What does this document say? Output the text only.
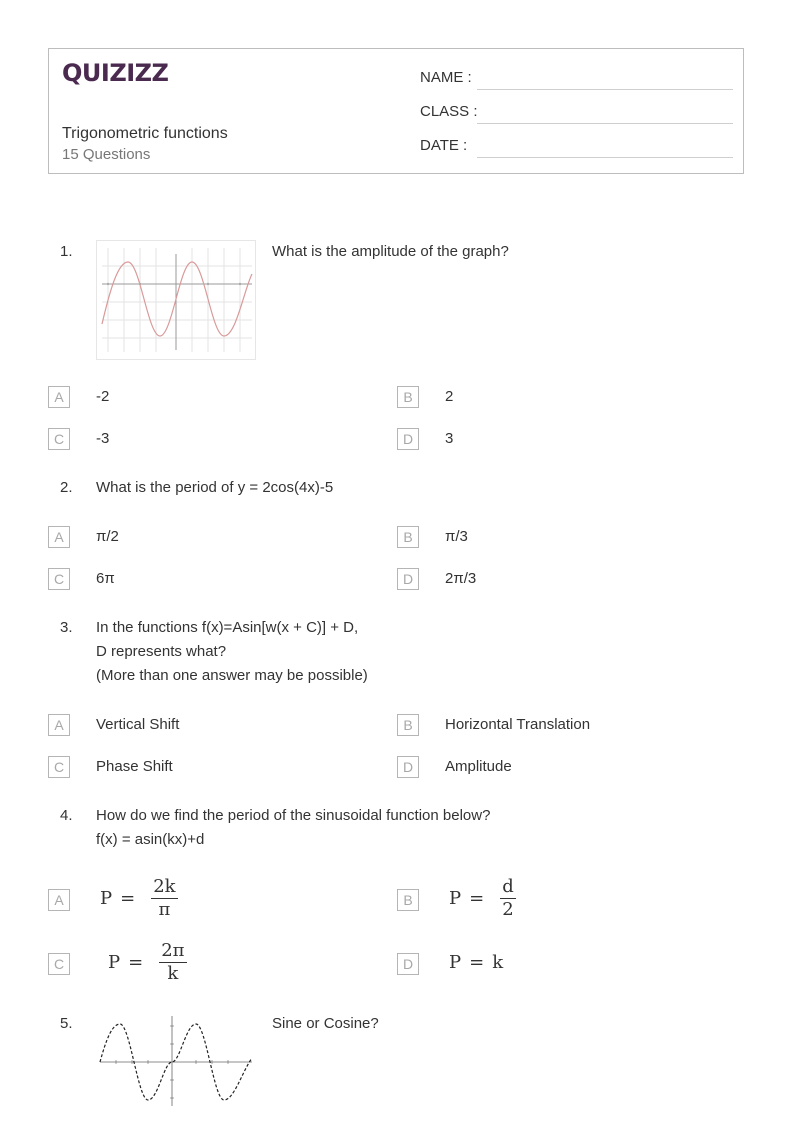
QUIZIZZ
Trigonometric functions
15 Questions
NAME :
CLASS :
DATE :
1.	What is the amplitude of the graph?
A	-2	B	2
C	-3	D	3
2. What is the period of y = 2cos(4x)-5
A	π/2	B	π/3
C	6π	D	2π/3
3. In the functions f(x)=Asin[w(x + C)] + D,
D represents what?
(More than one answer may be possible)
A	Vertical Shift	B	Horizontal Translation
C	Phase Shift	D	Amplitude
4. How do we find the period of the sinusoidal function below?
f(x) = asin(kx)+d
A	$P = \frac{2k}{\pi}$	B	$P = \frac{d}{2}$
C	$P = \frac{2\pi}{k}$	D	P = k
5.	Sine or Cosine?
